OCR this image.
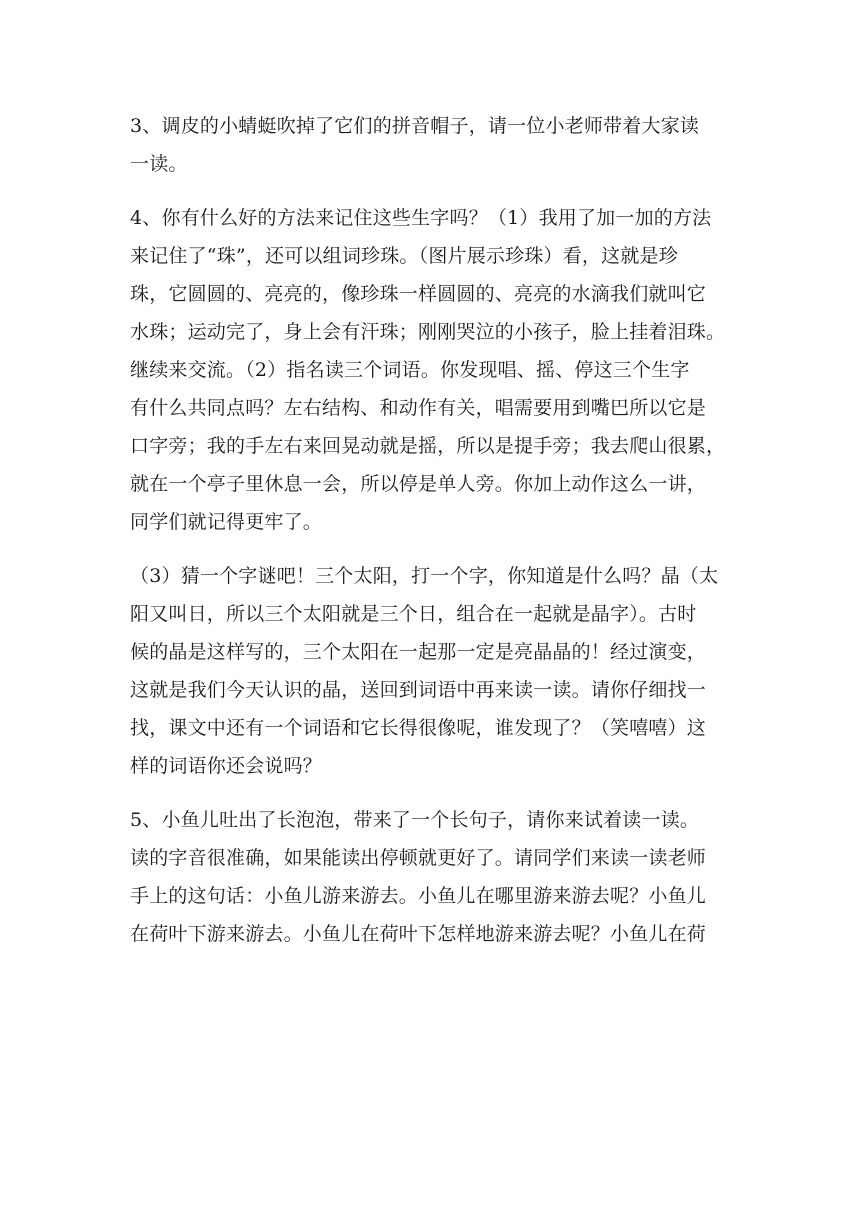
3、调皮的小蜻蜓吹掉了它们的拼音帽子，请一位小老师带着大家读
一读。

4、你有什么好的方法来记住这些生字吗？（1）我用了加一加的方法
来记住了“珠”，还可以组词珍珠。（图片展示珍珠）看，这就是珍
珠，它圆圆的、亮亮的，像珍珠一样圆圆的、亮亮的水滴我们就叫它
水珠；运动完了，身上会有汗珠；刚刚哭泣的小孩子，脸上挂着泪珠。
继续来交流。（2）指名读三个词语。你发现唱、摇、停这三个生字
有什么共同点吗？左右结构、和动作有关，唱需要用到嘴巴所以它是
口字旁；我的手左右来回晃动就是摇，所以是提手旁；我去爬山很累，
就在一个亭子里休息一会，所以停是单人旁。你加上动作这么一讲，
同学们就记得更牢了。

（3）猜一个字谜吧！三个太阳，打一个字，你知道是什么吗？晶（太
阳又叫日，所以三个太阳就是三个日，组合在一起就是晶字）。古时
候的晶是这样写的，三个太阳在一起那一定是亮晶晶的！经过演变，
这就是我们今天认识的晶，送回到词语中再来读一读。请你仔细找一
找，课文中还有一个词语和它长得很像呢，谁发现了？（笑嘻嘻）这
样的词语你还会说吗？

5、小鱼儿吐出了长泡泡，带来了一个长句子，请你来试着读一读。
读的字音很准确，如果能读出停顿就更好了。请同学们来读一读老师
手上的这句话：小鱼儿游来游去。小鱼儿在哪里游来游去呢？小鱼儿
在荷叶下游来游去。小鱼儿在荷叶下怎样地游来游去呢？小鱼儿在荷
